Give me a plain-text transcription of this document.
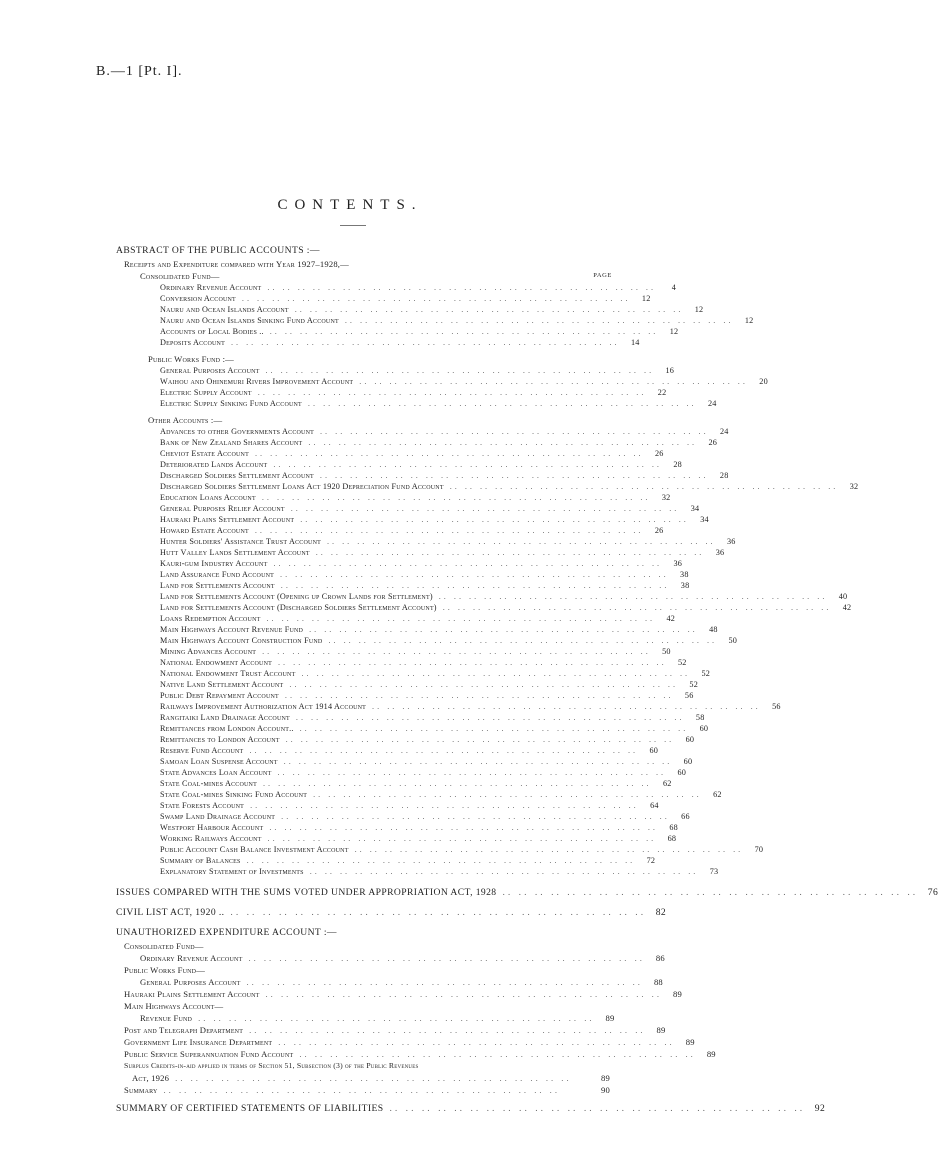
B.—1 [Pt. I].
CONTENTS.
ABSTRACT OF THE PUBLIC ACCOUNTS :—
Receipts and Expenditure compared with Year 1927–1928,—
Consolidated Fund—	PAGE
Ordinary Revenue Account .. .. .. .. .. .. .. .. .. .. .. .. .. .. .. .. .. .. .. .. .. .. .. .. .. ..	4
Conversion Account .. .. .. .. .. .. .. .. .. .. .. .. .. .. .. .. .. .. .. .. .. .. .. .. .. ..	12
Nauru and Ocean Islands Account .. .. .. .. .. .. .. .. .. .. .. .. .. .. .. .. .. .. .. .. .. .. .. .. .. ..	12
Nauru and Ocean Islands Sinking Fund Account .. .. .. .. .. .. .. .. .. .. .. .. .. .. .. .. .. .. .. .. .. .. .. .. .. ..	12
Accounts of Local Bodies .. .. .. .. .. .. .. .. .. .. .. .. .. .. .. .. .. .. .. .. .. .. .. .. .. .. ..	12
Deposits Account .. .. .. .. .. .. .. .. .. .. .. .. .. .. .. .. .. .. .. .. .. .. .. .. .. ..	14
Public Works Fund :—
General Purposes Account .. .. .. .. .. .. .. .. .. .. .. .. .. .. .. .. .. .. .. .. .. .. .. .. .. ..	16
Waihou and Ohinemuri Rivers Improvement Account .. .. .. .. .. .. .. .. .. .. .. .. .. .. .. .. .. .. .. .. .. .. .. .. .. ..	20
Electric Supply Account .. .. .. .. .. .. .. .. .. .. .. .. .. .. .. .. .. .. .. .. .. .. .. .. .. ..	22
Electric Supply Sinking Fund Account .. .. .. .. .. .. .. .. .. .. .. .. .. .. .. .. .. .. .. .. .. .. .. .. .. ..	24
Other Accounts :—
Advances to other Governments Account .. .. .. .. .. .. .. .. .. .. .. .. .. .. .. .. .. .. .. .. .. .. .. .. .. ..	24
Bank of New Zealand Shares Account .. .. .. .. .. .. .. .. .. .. .. .. .. .. .. .. .. .. .. .. .. .. .. .. .. ..	26
Cheviot Estate Account .. .. .. .. .. .. .. .. .. .. .. .. .. .. .. .. .. .. .. .. .. .. .. .. .. ..	26
Deteriorated Lands Account .. .. .. .. .. .. .. .. .. .. .. .. .. .. .. .. .. .. .. .. .. .. .. .. .. ..	28
Discharged Soldiers Settlement Account .. .. .. .. .. .. .. .. .. .. .. .. .. .. .. .. .. .. .. .. .. .. .. .. .. ..	28
Discharged Soldiers Settlement Loans Act 1920 Depreciation Fund Account .. .. .. .. .. .. .. .. .. .. .. .. .. .. .. .. .. .. .. .. .. .. .. .. .. ..	32
Education Loans Account .. .. .. .. .. .. .. .. .. .. .. .. .. .. .. .. .. .. .. .. .. .. .. .. .. ..	32
General Purposes Relief Account .. .. .. .. .. .. .. .. .. .. .. .. .. .. .. .. .. .. .. .. .. .. .. .. .. ..	34
Hauraki Plains Settlement Account .. .. .. .. .. .. .. .. .. .. .. .. .. .. .. .. .. .. .. .. .. .. .. .. .. ..	34
Howard Estate Account .. .. .. .. .. .. .. .. .. .. .. .. .. .. .. .. .. .. .. .. .. .. .. .. .. ..	26
Hunter Soldiers' Assistance Trust Account .. .. .. .. .. .. .. .. .. .. .. .. .. .. .. .. .. .. .. .. .. .. .. .. .. ..	36
Hutt Valley Lands Settlement Account .. .. .. .. .. .. .. .. .. .. .. .. .. .. .. .. .. .. .. .. .. .. .. .. .. ..	36
Kauri-gum Industry Account .. .. .. .. .. .. .. .. .. .. .. .. .. .. .. .. .. .. .. .. .. .. .. .. .. ..	36
Land Assurance Fund Account .. .. .. .. .. .. .. .. .. .. .. .. .. .. .. .. .. .. .. .. .. .. .. .. .. ..	38
Land for Settlements Account .. .. .. .. .. .. .. .. .. .. .. .. .. .. .. .. .. .. .. .. .. .. .. .. .. ..	38
Land for Settlements Account (Opening up Crown Lands for Settlement) .. .. .. .. .. .. .. .. .. .. .. .. .. .. .. .. .. .. .. .. .. .. .. .. .. ..	40
Land for Settlements Account (Discharged Soldiers Settlement Account) .. .. .. .. .. .. .. .. .. .. .. .. .. .. .. .. .. .. .. .. .. .. .. .. .. ..	42
Loans Redemption Account .. .. .. .. .. .. .. .. .. .. .. .. .. .. .. .. .. .. .. .. .. .. .. .. .. ..	42
Main Highways Account Revenue Fund .. .. .. .. .. .. .. .. .. .. .. .. .. .. .. .. .. .. .. .. .. .. .. .. .. ..	48
Main Highways Account Construction Fund .. .. .. .. .. .. .. .. .. .. .. .. .. .. .. .. .. .. .. .. .. .. .. .. .. ..	50
Mining Advances Account .. .. .. .. .. .. .. .. .. .. .. .. .. .. .. .. .. .. .. .. .. .. .. .. .. ..	50
National Endowment Account .. .. .. .. .. .. .. .. .. .. .. .. .. .. .. .. .. .. .. .. .. .. .. .. .. ..	52
National Endowment Trust Account .. .. .. .. .. .. .. .. .. .. .. .. .. .. .. .. .. .. .. .. .. .. .. .. .. ..	52
Native Land Settlement Account .. .. .. .. .. .. .. .. .. .. .. .. .. .. .. .. .. .. .. .. .. .. .. .. .. ..	52
Public Debt Repayment Account .. .. .. .. .. .. .. .. .. .. .. .. .. .. .. .. .. .. .. .. .. .. .. .. .. ..	56
Railways Improvement Authorization Act 1914 Account .. .. .. .. .. .. .. .. .. .. .. .. .. .. .. .. .. .. .. .. .. .. .. .. .. ..	56
Rangitaiki Land Drainage Account .. .. .. .. .. .. .. .. .. .. .. .. .. .. .. .. .. .. .. .. .. .. .. .. .. ..	58
Remittances from London Account.. .. .. .. .. .. .. .. .. .. .. .. .. .. .. .. .. .. .. .. .. .. .. .. .. .. ..	60
Remittances to London Account .. .. .. .. .. .. .. .. .. .. .. .. .. .. .. .. .. .. .. .. .. .. .. .. .. ..	60
Reserve Fund Account .. .. .. .. .. .. .. .. .. .. .. .. .. .. .. .. .. .. .. .. .. .. .. .. .. ..	60
Samoan Loan Suspense Account .. .. .. .. .. .. .. .. .. .. .. .. .. .. .. .. .. .. .. .. .. .. .. .. .. ..	60
State Advances Loan Account .. .. .. .. .. .. .. .. .. .. .. .. .. .. .. .. .. .. .. .. .. .. .. .. .. ..	60
State Coal-mines Account .. .. .. .. .. .. .. .. .. .. .. .. .. .. .. .. .. .. .. .. .. .. .. .. .. ..	62
State Coal-mines Sinking Fund Account .. .. .. .. .. .. .. .. .. .. .. .. .. .. .. .. .. .. .. .. .. .. .. .. .. ..	62
State Forests Account .. .. .. .. .. .. .. .. .. .. .. .. .. .. .. .. .. .. .. .. .. .. .. .. .. ..	64
Swamp Land Drainage Account .. .. .. .. .. .. .. .. .. .. .. .. .. .. .. .. .. .. .. .. .. .. .. .. .. ..	66
Westport Harbour Account .. .. .. .. .. .. .. .. .. .. .. .. .. .. .. .. .. .. .. .. .. .. .. .. .. ..	68
Working Railways Account .. .. .. .. .. .. .. .. .. .. .. .. .. .. .. .. .. .. .. .. .. .. .. .. .. ..	68
Public Account Cash Balance Investment Account .. .. .. .. .. .. .. .. .. .. .. .. .. .. .. .. .. .. .. .. .. .. .. .. .. ..	70
Summary of Balances .. .. .. .. .. .. .. .. .. .. .. .. .. .. .. .. .. .. .. .. .. .. .. .. .. ..	72
Explanatory Statement of Investments .. .. .. .. .. .. .. .. .. .. .. .. .. .. .. .. .. .. .. .. .. .. .. .. .. ..	73
ISSUES COMPARED WITH THE SUMS VOTED UNDER APPROPRIATION ACT, 1928 .. .. .. .. .. .. .. .. .. .. .. .. .. .. .. .. .. .. .. .. .. .. .. .. .. .. 76
CIVIL LIST ACT, 1920 .. .. .. .. .. .. .. .. .. .. .. .. .. .. .. .. .. .. .. .. .. .. .. .. .. .. .. 82
UNAUTHORIZED EXPENDITURE ACCOUNT :—
Consolidated Fund—
Ordinary Revenue Account .. .. .. .. .. .. .. .. .. .. .. .. .. .. .. .. .. .. .. .. .. .. .. .. .. ..	86
Public Works Fund—
General Purposes Account .. .. .. .. .. .. .. .. .. .. .. .. .. .. .. .. .. .. .. .. .. .. .. .. .. ..	88
Hauraki Plains Settlement Account .. .. .. .. .. .. .. .. .. .. .. .. .. .. .. .. .. .. .. .. .. .. .. .. .. ..	89
Main Highways Account—
Revenue Fund .. .. .. .. .. .. .. .. .. .. .. .. .. .. .. .. .. .. .. .. .. .. .. .. .. ..	89
Post and Telegraph Department .. .. .. .. .. .. .. .. .. .. .. .. .. .. .. .. .. .. .. .. .. .. .. .. .. ..	89
Government Life Insurance Department .. .. .. .. .. .. .. .. .. .. .. .. .. .. .. .. .. .. .. .. .. .. .. .. .. ..	89
Public Service Superannuation Fund Account .. .. .. .. .. .. .. .. .. .. .. .. .. .. .. .. .. .. .. .. .. .. .. .. .. ..	89
Surplus Credits-in-aid applied in terms of Section 51, Subsection (3) of the Public Revenues
Act, 1926 .. .. .. .. .. .. .. .. .. .. .. .. .. .. .. .. .. .. .. .. .. .. .. .. .. ..	89
Summary .. .. .. .. .. .. .. .. .. .. .. .. .. .. .. .. .. .. .. .. .. .. .. .. .. ..	90
SUMMARY OF CERTIFIED STATEMENTS OF LIABILITIES .. .. .. .. .. .. .. .. .. .. .. .. .. .. .. .. .. .. .. .. .. .. .. .. .. .. 92
